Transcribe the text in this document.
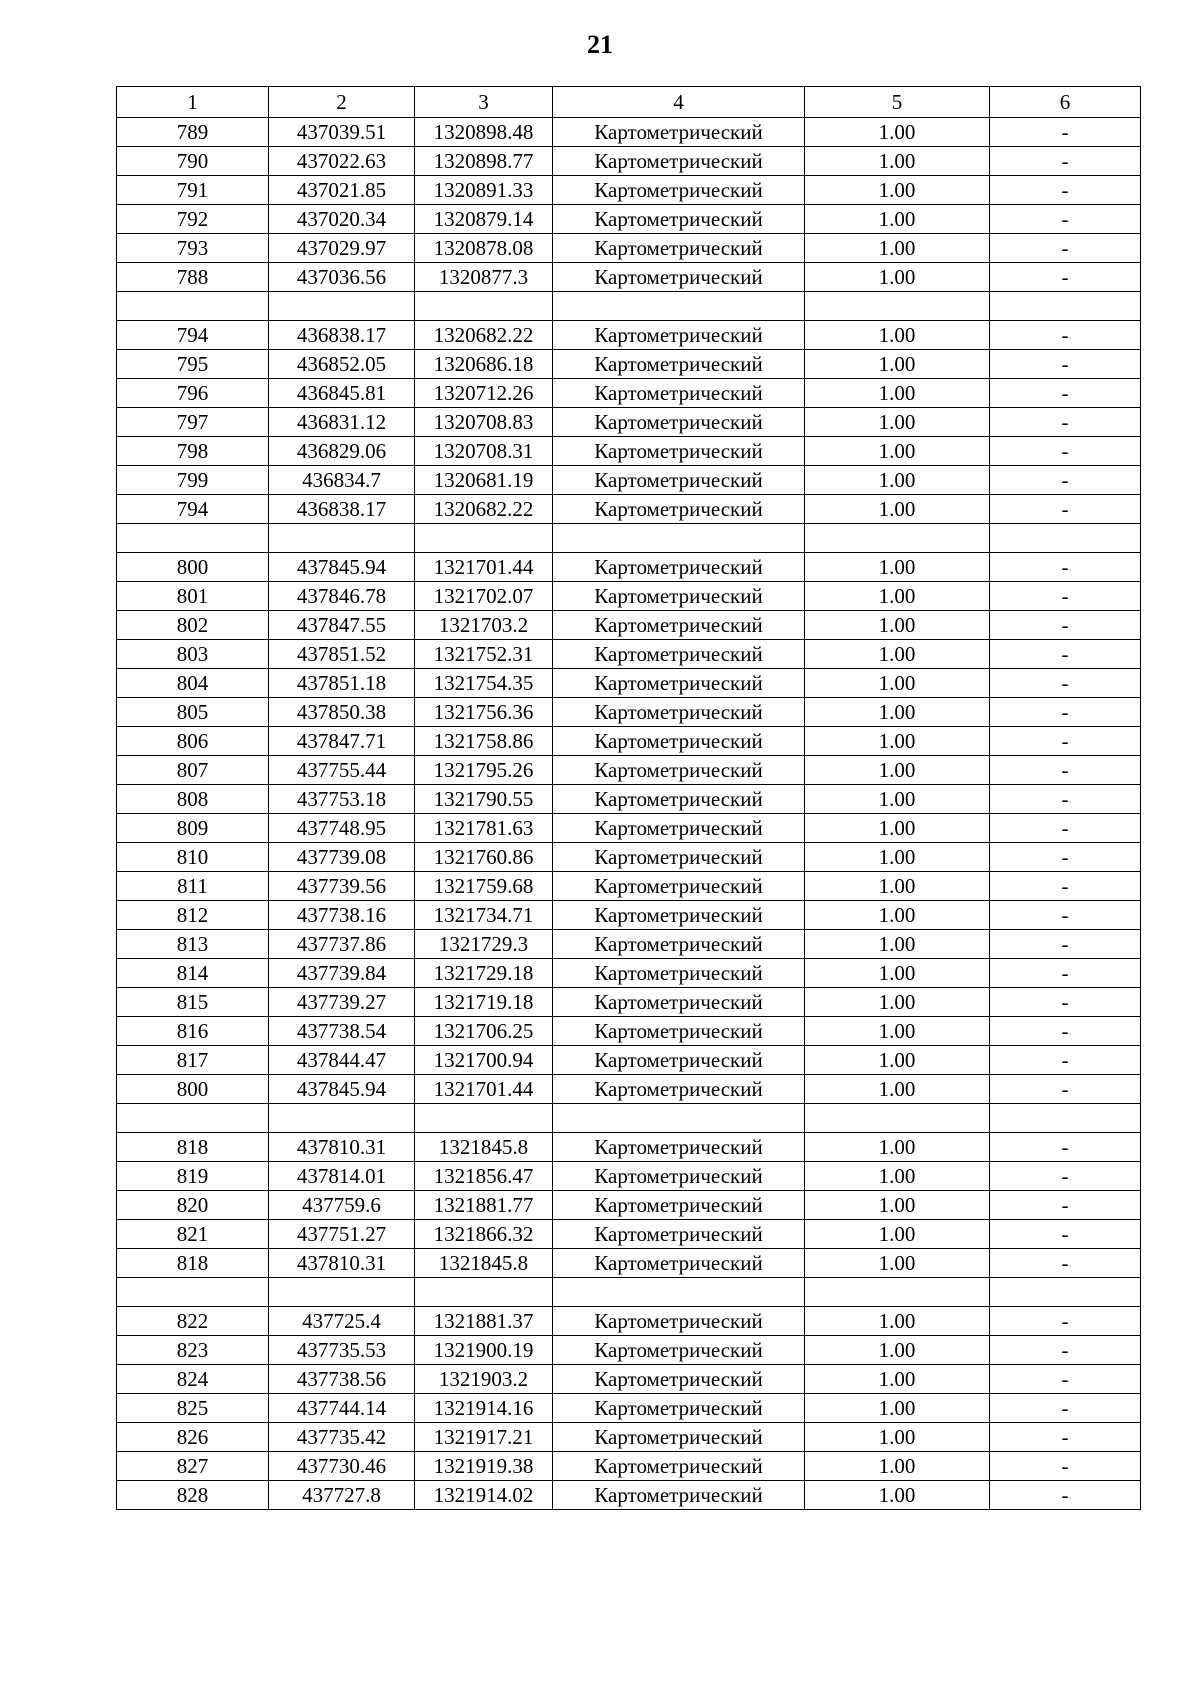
21
1	2	3	4	5	6
789	437039.51	1320898.48	Картометрический	1.00	-
790	437022.63	1320898.77	Картометрический	1.00	-
791	437021.85	1320891.33	Картометрический	1.00	-
792	437020.34	1320879.14	Картометрический	1.00	-
793	437029.97	1320878.08	Картометрический	1.00	-
788	437036.56	1320877.3	Картометрический	1.00	-

794	436838.17	1320682.22	Картометрический	1.00	-
795	436852.05	1320686.18	Картометрический	1.00	-
796	436845.81	1320712.26	Картометрический	1.00	-
797	436831.12	1320708.83	Картометрический	1.00	-
798	436829.06	1320708.31	Картометрический	1.00	-
799	436834.7	1320681.19	Картометрический	1.00	-
794	436838.17	1320682.22	Картометрический	1.00	-

800	437845.94	1321701.44	Картометрический	1.00	-
801	437846.78	1321702.07	Картометрический	1.00	-
802	437847.55	1321703.2	Картометрический	1.00	-
803	437851.52	1321752.31	Картометрический	1.00	-
804	437851.18	1321754.35	Картометрический	1.00	-
805	437850.38	1321756.36	Картометрический	1.00	-
806	437847.71	1321758.86	Картометрический	1.00	-
807	437755.44	1321795.26	Картометрический	1.00	-
808	437753.18	1321790.55	Картометрический	1.00	-
809	437748.95	1321781.63	Картометрический	1.00	-
810	437739.08	1321760.86	Картометрический	1.00	-
811	437739.56	1321759.68	Картометрический	1.00	-
812	437738.16	1321734.71	Картометрический	1.00	-
813	437737.86	1321729.3	Картометрический	1.00	-
814	437739.84	1321729.18	Картометрический	1.00	-
815	437739.27	1321719.18	Картометрический	1.00	-
816	437738.54	1321706.25	Картометрический	1.00	-
817	437844.47	1321700.94	Картометрический	1.00	-
800	437845.94	1321701.44	Картометрический	1.00	-

818	437810.31	1321845.8	Картометрический	1.00	-
819	437814.01	1321856.47	Картометрический	1.00	-
820	437759.6	1321881.77	Картометрический	1.00	-
821	437751.27	1321866.32	Картометрический	1.00	-
818	437810.31	1321845.8	Картометрический	1.00	-

822	437725.4	1321881.37	Картометрический	1.00	-
823	437735.53	1321900.19	Картометрический	1.00	-
824	437738.56	1321903.2	Картометрический	1.00	-
825	437744.14	1321914.16	Картометрический	1.00	-
826	437735.42	1321917.21	Картометрический	1.00	-
827	437730.46	1321919.38	Картометрический	1.00	-
828	437727.8	1321914.02	Картометрический	1.00	-
